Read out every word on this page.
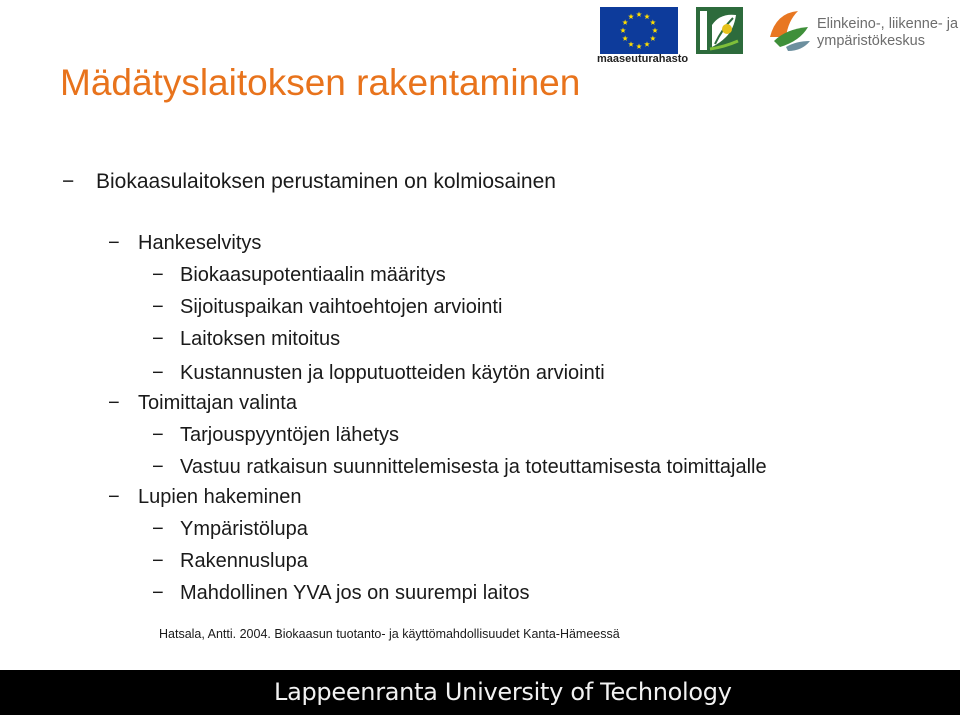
Mädätyslaitoksen rakentaminen
maaseuturahasto
Elinkeino-, liikenne- ja
ympäristökeskus
− Biokaasulaitoksen perustaminen on kolmiosainen
− Hankeselvitys
− Biokaasupotentiaalin määritys
− Sijoituspaikan vaihtoehtojen arviointi
− Laitoksen mitoitus
− Kustannusten ja lopputuotteiden käytön arviointi
− Toimittajan valinta
− Tarjouspyyntöjen lähetys
− Vastuu ratkaisun suunnittelemisesta ja toteuttamisesta toimittajalle
− Lupien hakeminen
− Ympäristölupa
− Rakennuslupa
− Mahdollinen YVA jos on suurempi laitos
Hatsala, Antti. 2004. Biokaasun tuotanto- ja käyttömahdollisuudet Kanta-Hämeessä
Lappeenranta University of Technology
